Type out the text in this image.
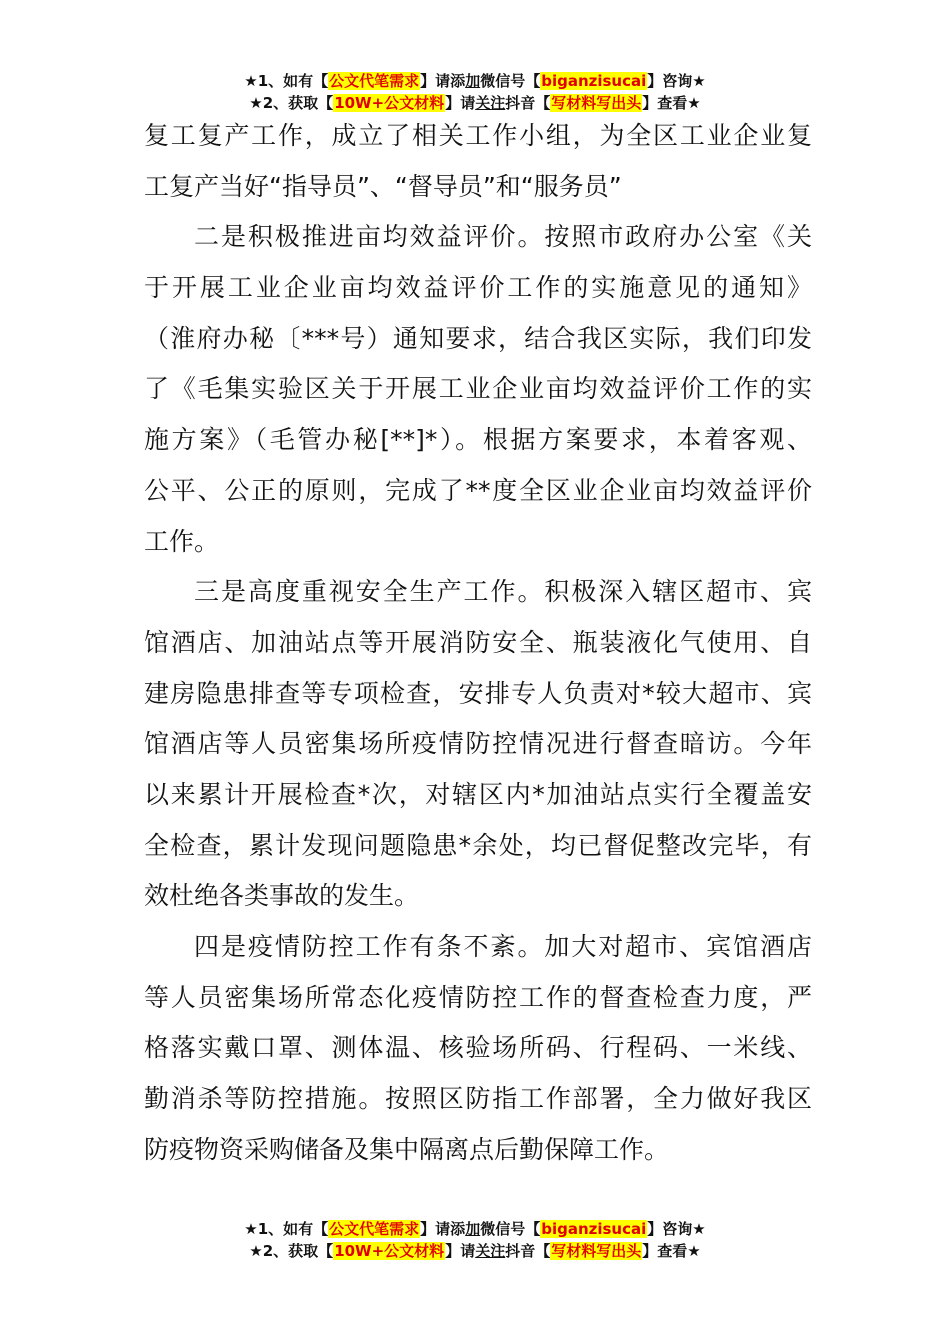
★1、如有【公文代笔需求】请添加微信号【biganzisucai】咨询★
★2、获取【10W+公文材料】请关注抖音【写材料写出头】查看★
复工复产工作，成立了相关工作小组，为全区工业企业复
工复产当好“指导员”、“督导员”和“服务员”
二是积极推进亩均效益评价。按照市政府办公室《关
于开展工业企业亩均效益评价工作的实施意见的通知》
（淮府办秘〔***号）通知要求，结合我区实际，我们印发
了《毛集实验区关于开展工业企业亩均效益评价工作的实
施方案》（毛管办秘[**]*）。根据方案要求，本着客观、
公平、公正的原则，完成了**度全区业企业亩均效益评价
工作。
三是高度重视安全生产工作。积极深入辖区超市、宾
馆酒店、加油站点等开展消防安全、瓶装液化气使用、自
建房隐患排查等专项检查，安排专人负责对*较大超市、宾
馆酒店等人员密集场所疫情防控情况进行督查暗访。今年
以来累计开展检查*次，对辖区内*加油站点实行全覆盖安
全检查，累计发现问题隐患*余处，均已督促整改完毕，有
效杜绝各类事故的发生。
四是疫情防控工作有条不紊。加大对超市、宾馆酒店
等人员密集场所常态化疫情防控工作的督查检查力度，严
格落实戴口罩、测体温、核验场所码、行程码、一米线、
勤消杀等防控措施。按照区防指工作部署，全力做好我区
防疫物资采购储备及集中隔离点后勤保障工作。
★1、如有【公文代笔需求】请添加微信号【biganzisucai】咨询★
★2、获取【10W+公文材料】请关注抖音【写材料写出头】查看★
